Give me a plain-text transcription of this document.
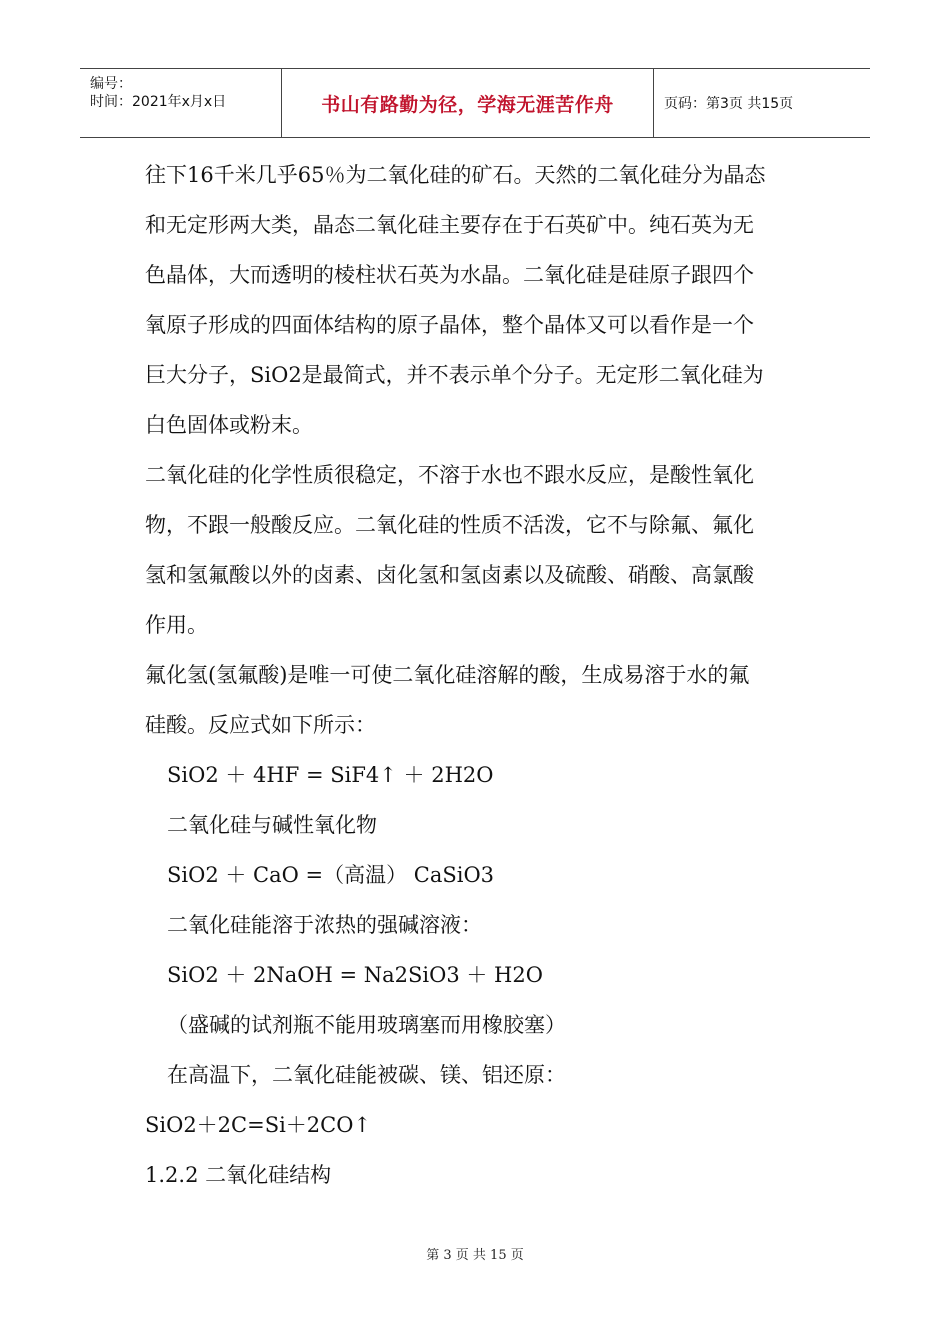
编号：
时间：2021年x月x日	书山有路勤为径，学海无涯苦作舟	页码：第3页 共15页
往下16千米几乎65％为二氧化硅的矿石。天然的二氧化硅分为晶态
和无定形两大类，晶态二氧化硅主要存在于石英矿中。纯石英为无
色晶体，大而透明的棱柱状石英为水晶。二氧化硅是硅原子跟四个
氧原子形成的四面体结构的原子晶体，整个晶体又可以看作是一个
巨大分子，SiO2是最简式，并不表示单个分子。无定形二氧化硅为
白色固体或粉末。
二氧化硅的化学性质很稳定，不溶于水也不跟水反应，是酸性氧化
物，不跟一般酸反应。二氧化硅的性质不活泼，它不与除氟、氟化
氢和氢氟酸以外的卤素、卤化氢和氢卤素以及硫酸、硝酸、高氯酸
作用。
氟化氢(氢氟酸)是唯一可使二氧化硅溶解的酸，生成易溶于水的氟
硅酸。反应式如下所示：
SiO2 ＋ 4HF = SiF4↑ ＋ 2H2O
二氧化硅与碱性氧化物
SiO2 ＋ CaO =（高温） CaSiO3
二氧化硅能溶于浓热的强碱溶液：
SiO2 ＋ 2NaOH = Na2SiO3 ＋ H2O
（盛碱的试剂瓶不能用玻璃塞而用橡胶塞）
在高温下，二氧化硅能被碳、镁、铝还原：
SiO2＋2C=Si＋2CO↑
1.2.2 二氧化硅结构
第 3 页 共 15 页
